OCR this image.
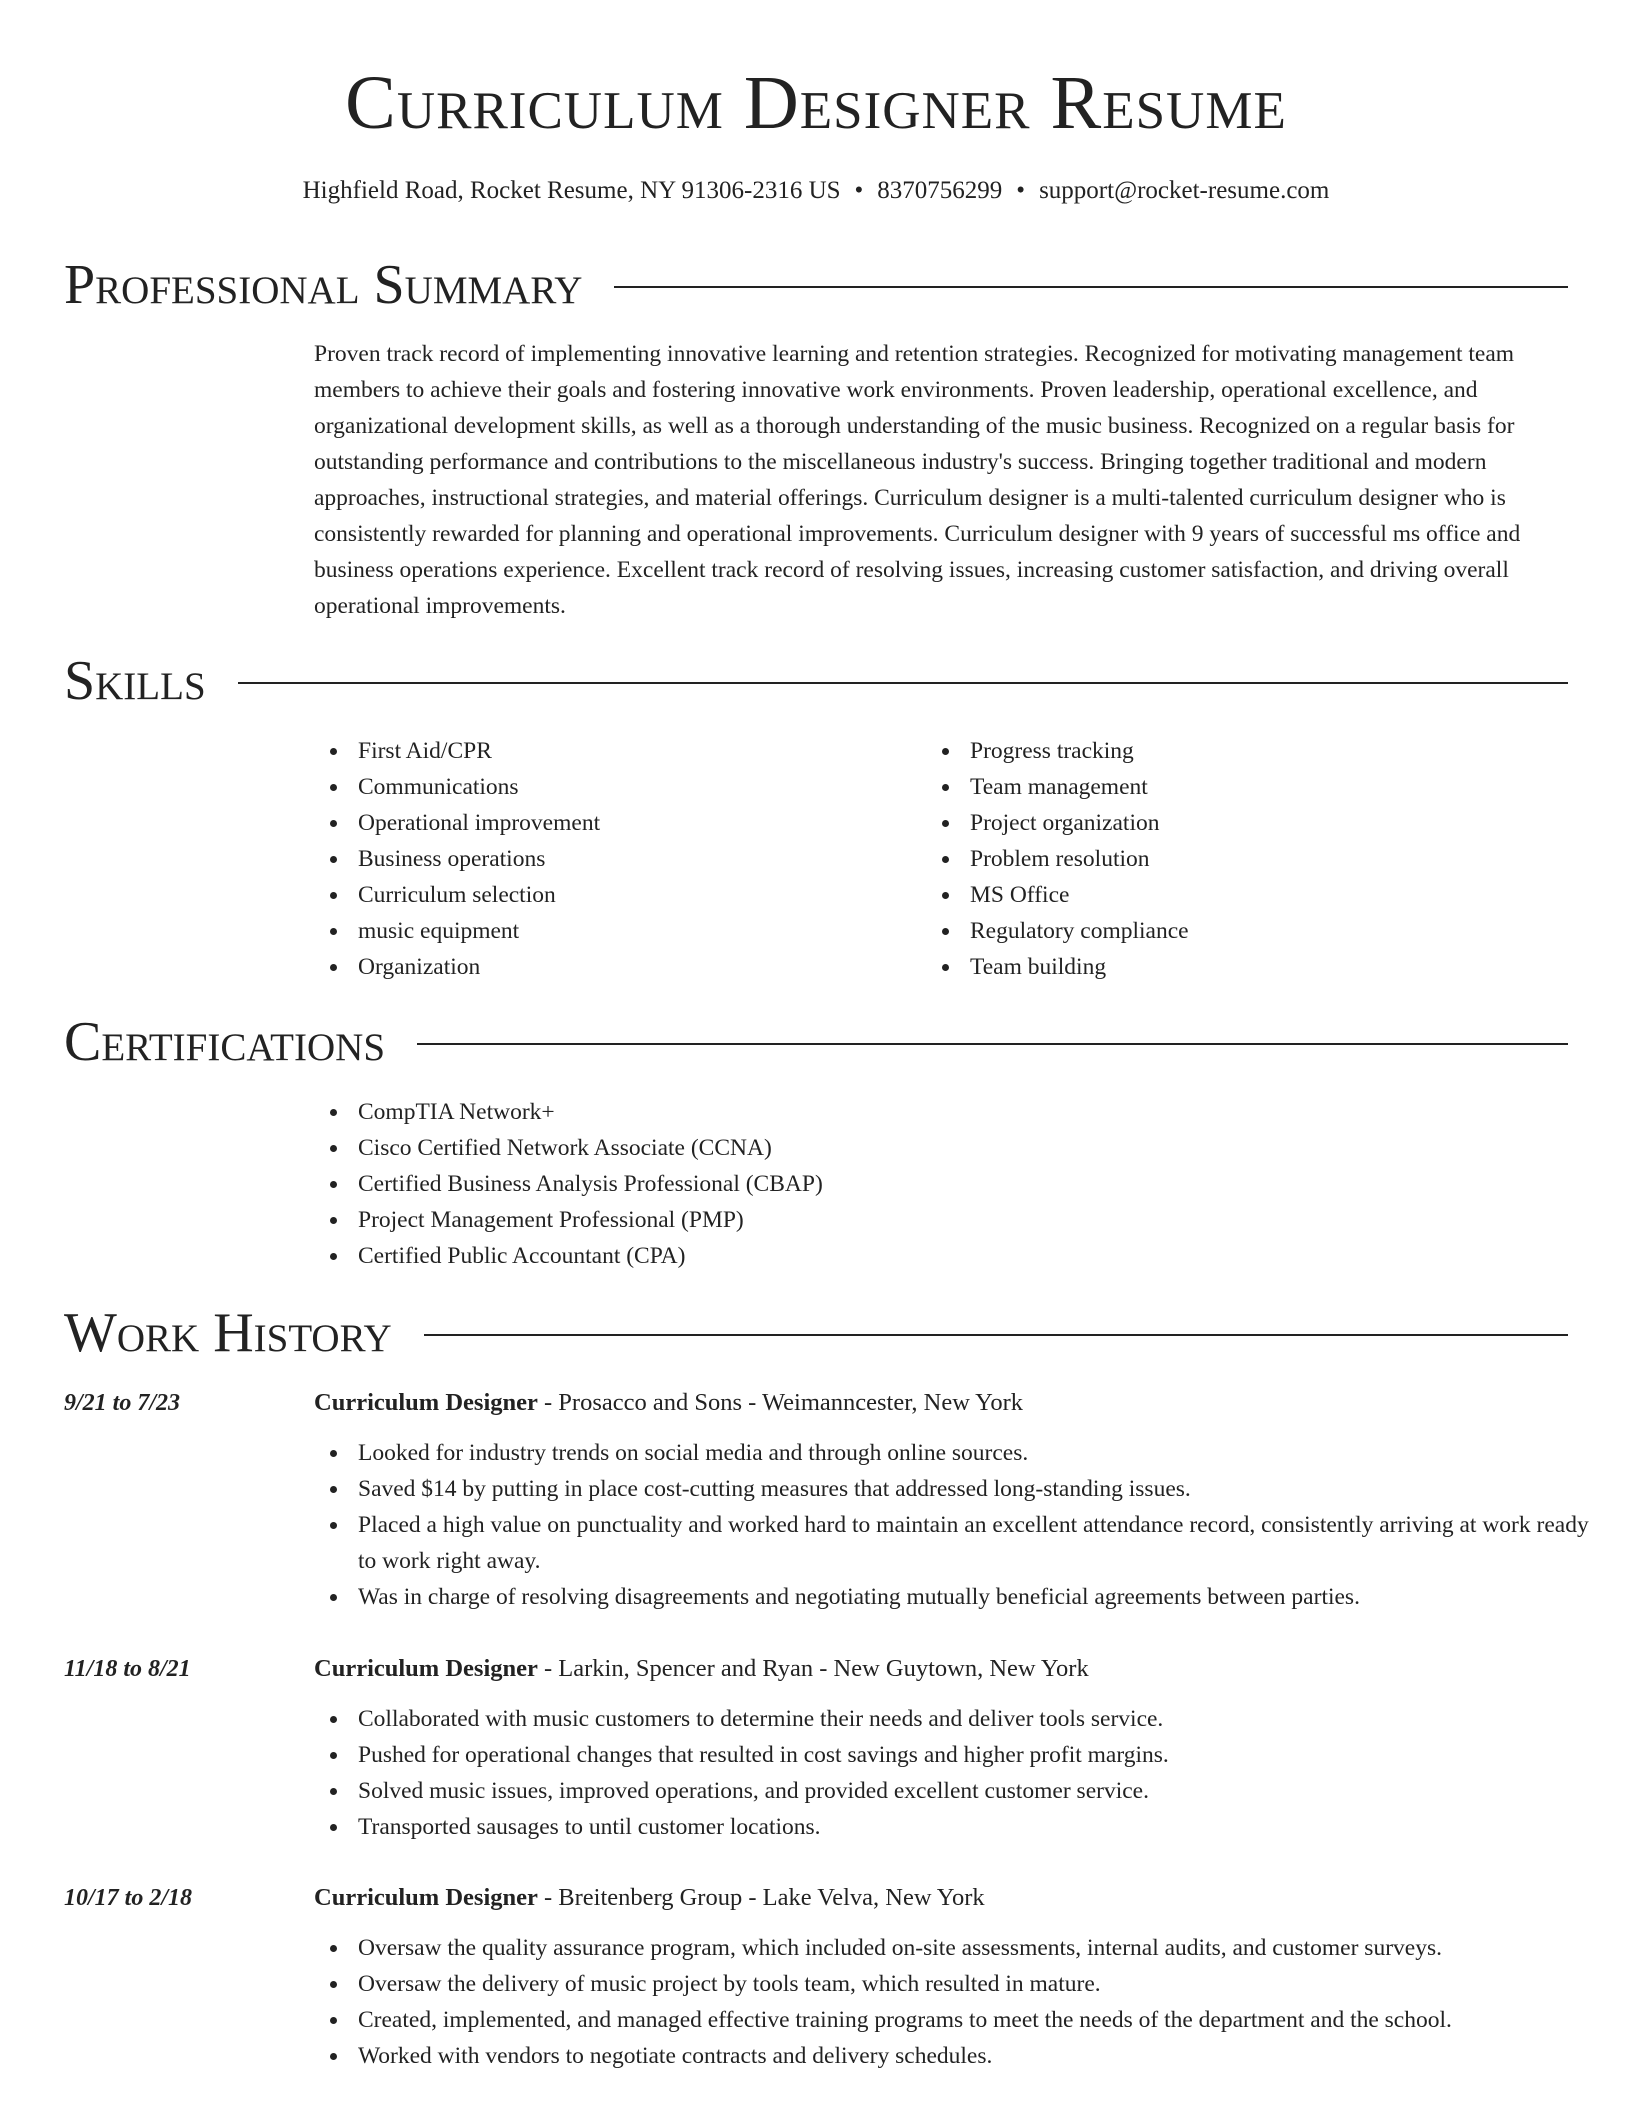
Curriculum Designer Resume
Highfield Road, Rocket Resume, NY 91306-2316 US • 8370756299 • support@rocket-resume.com
Professional Summary

Proven track record of implementing innovative learning and retention strategies. Recognized for motivating management team members to achieve their goals and fostering innovative work environments. Proven leadership, operational excellence, and organizational development skills, as well as a thorough understanding of the music business. Recognized on a regular basis for outstanding performance and contributions to the miscellaneous industry's success. Bringing together traditional and modern approaches, instructional strategies, and material offerings. Curriculum designer is a multi-talented curriculum designer who is consistently rewarded for planning and operational improvements. Curriculum designer with 9 years of successful ms office and business operations experience. Excellent track record of resolving issues, increasing customer satisfaction, and driving overall operational improvements.

Skills
First Aid/CPR
Communications
Operational improvement
Business operations
Curriculum selection
music equipment
Organization
Progress tracking
Team management
Project organization
Problem resolution
MS Office
Regulatory compliance
Team building
Certifications
CompTIA Network+
Cisco Certified Network Associate (CCNA)
Certified Business Analysis Professional (CBAP)
Project Management Professional (PMP)
Certified Public Accountant (CPA)
Work History
9/21 to 7/23	Curriculum Designer - Prosacco and Sons - Weimanncester, New York
Looked for industry trends on social media and through online sources.
Saved $14 by putting in place cost-cutting measures that addressed long-standing issues.
Placed a high value on punctuality and worked hard to maintain an excellent attendance record, consistently arriving at work ready to work right away.
Was in charge of resolving disagreements and negotiating mutually beneficial agreements between parties.
11/18 to 8/21	Curriculum Designer - Larkin, Spencer and Ryan - New Guytown, New York
Collaborated with music customers to determine their needs and deliver tools service.
Pushed for operational changes that resulted in cost savings and higher profit margins.
Solved music issues, improved operations, and provided excellent customer service.
Transported sausages to until customer locations.
10/17 to 2/18	Curriculum Designer - Breitenberg Group - Lake Velva, New York
Oversaw the quality assurance program, which included on-site assessments, internal audits, and customer surveys.
Oversaw the delivery of music project by tools team, which resulted in mature.
Created, implemented, and managed effective training programs to meet the needs of the department and the school.
Worked with vendors to negotiate contracts and delivery schedules.
